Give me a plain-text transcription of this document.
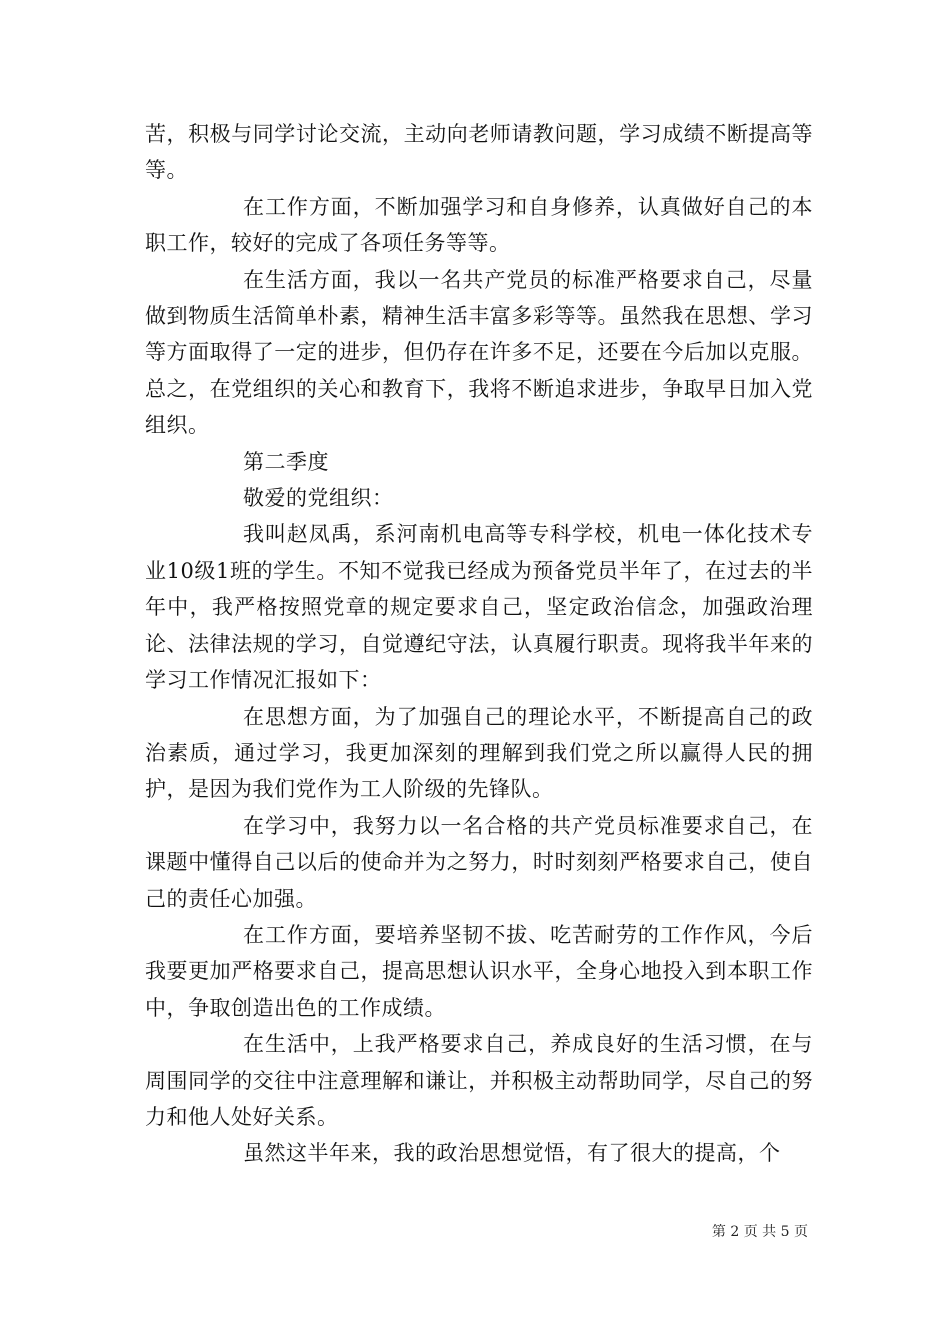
苦，积极与同学讨论交流，主动向老师请教问题，学习成绩不断提高等等。

在工作方面，不断加强学习和自身修养，认真做好自己的本职工作，较好的完成了各项任务等等。

在生活方面，我以一名共产党员的标准严格要求自己，尽量做到物质生活简单朴素，精神生活丰富多彩等等。虽然我在思想、学习等方面取得了一定的进步，但仍存在许多不足，还要在今后加以克服。总之，在党组织的关心和教育下，我将不断追求进步，争取早日加入党组织。

第二季度

敬爱的党组织：

我叫赵凤禹，系河南机电高等专科学校，机电一体化技术专业10级1班的学生。不知不觉我已经成为预备党员半年了，在过去的半年中，我严格按照党章的规定要求自己，坚定政治信念，加强政治理论、法律法规的学习，自觉遵纪守法，认真履行职责。现将我半年来的学习工作情况汇报如下：

在思想方面，为了加强自己的理论水平，不断提高自己的政治素质，通过学习，我更加深刻的理解到我们党之所以赢得人民的拥护，是因为我们党作为工人阶级的先锋队。

在学习中，我努力以一名合格的共产党员标准要求自己，在课题中懂得自己以后的使命并为之努力，时时刻刻严格要求自己，使自己的责任心加强。

在工作方面，要培养坚韧不拔、吃苦耐劳的工作作风，今后我要更加严格要求自己，提高思想认识水平，全身心地投入到本职工作中，争取创造出色的工作成绩。

在生活中，上我严格要求自己，养成良好的生活习惯，在与周围同学的交往中注意理解和谦让，并积极主动帮助同学，尽自己的努力和他人处好关系。

虽然这半年来，我的政治思想觉悟，有了很大的提高，个

第 2 页 共 5 页
